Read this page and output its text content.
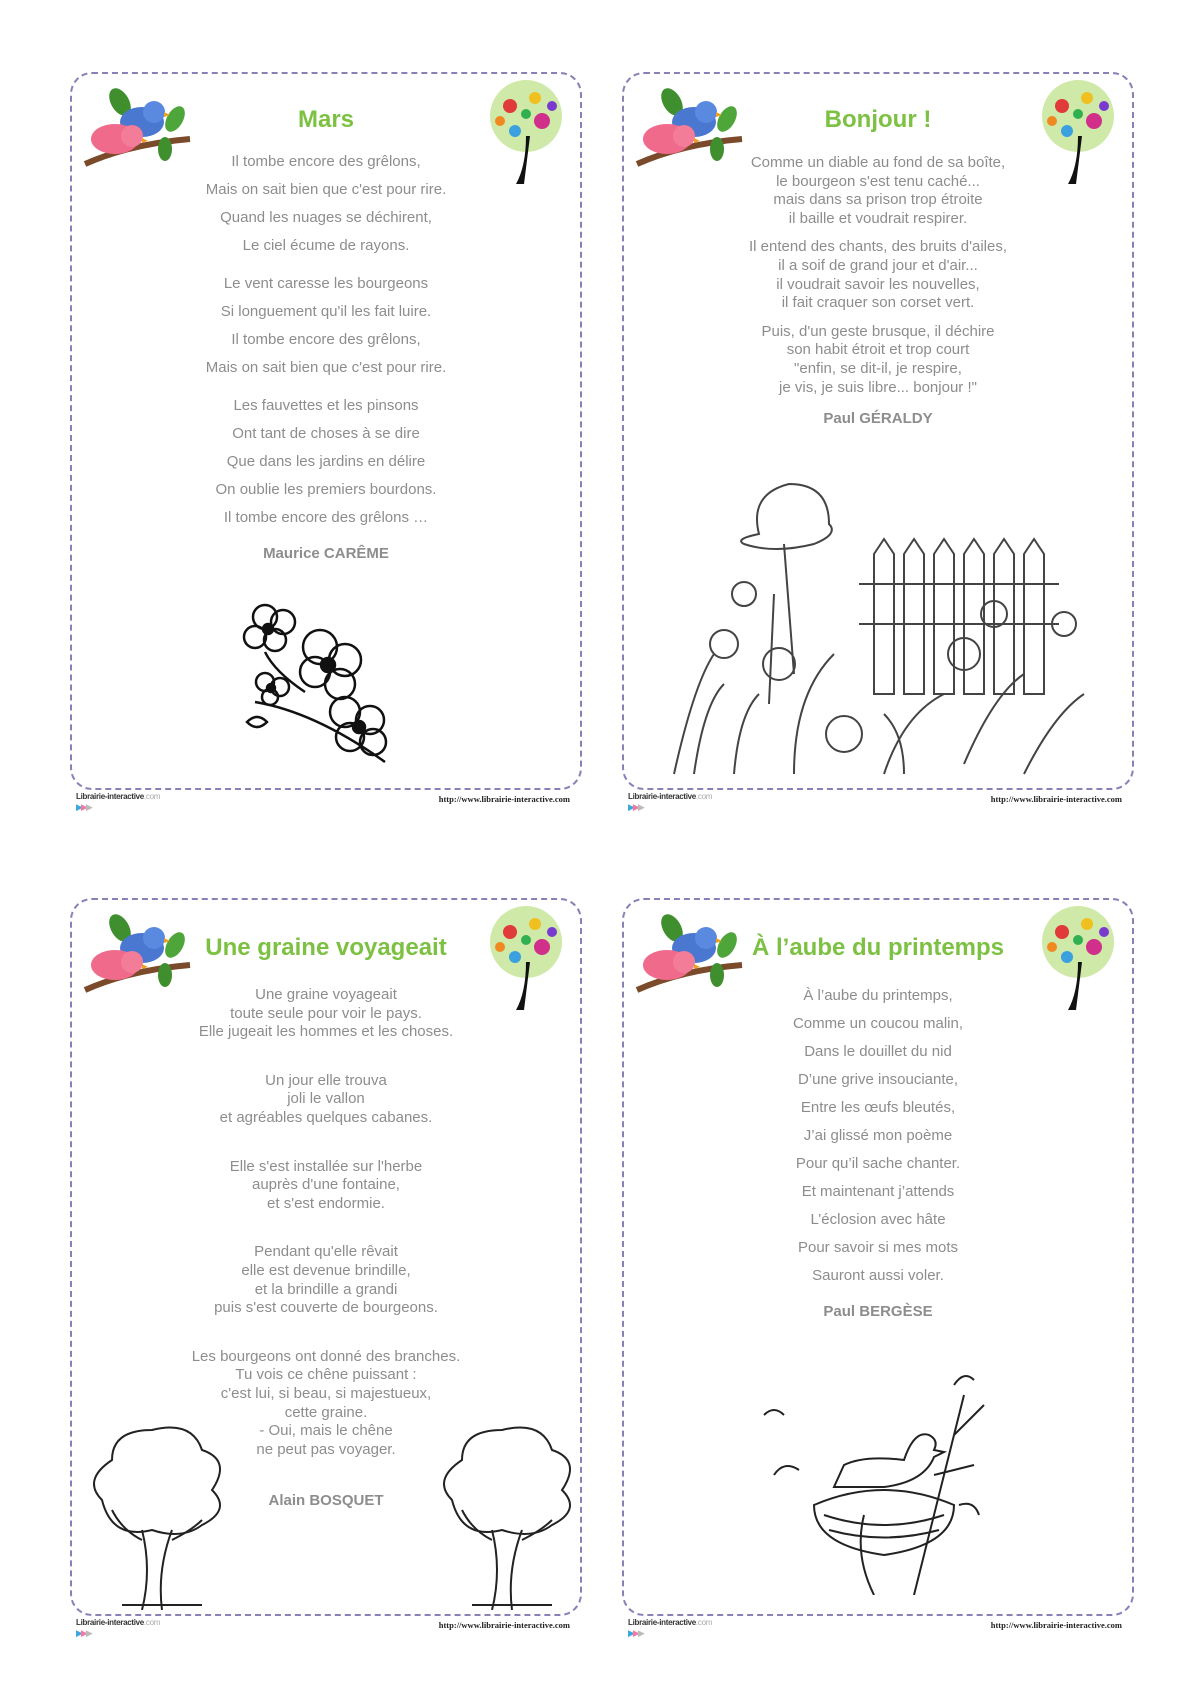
Mars
Il tombe encore des grêlons,
Mais on sait bien que c'est pour rire.
Quand les nuages se déchirent,
Le ciel écume de rayons.
Le vent caresse les bourgeons
Si longuement qu'il les fait luire.
Il tombe encore des grêlons,
Mais on sait bien que c'est pour rire.
Les fauvettes et les pinsons
Ont tant de choses à se dire
Que dans les jardins en délire
On oublie les premiers bourdons.
Il tombe encore des grêlons …
Maurice CARÊME
Bonjour !
Comme un diable au fond de sa boîte,
le bourgeon s'est tenu caché...
mais dans sa prison trop étroite
il baille et voudrait respirer.
Il entend des chants, des bruits d'ailes,
il a soif de grand jour et d'air...
il voudrait savoir les nouvelles,
il fait craquer son corset vert.
Puis, d'un geste brusque, il déchire
son habit étroit et trop court
"enfin, se dit-il, je respire,
je vis, je suis libre... bonjour !"
Paul GÉRALDY
Une graine voyageait
Une graine voyageait
toute seule pour voir le pays.
Elle jugeait les hommes et les choses.
Un jour elle trouva
joli le vallon
et agréables quelques cabanes.
Elle s'est installée sur l'herbe
auprès d'une fontaine,
et s'est endormie.
Pendant qu'elle rêvait
elle est devenue brindille,
et la brindille a grandi
puis s'est couverte de bourgeons.
Les bourgeons ont donné des branches.
Tu vois ce chêne puissant :
c'est lui, si beau, si majestueux,
cette graine.
- Oui, mais le chêne
ne peut pas voyager.
Alain BOSQUET
À l’aube du printemps
À l’aube du printemps,
Comme un coucou malin,
Dans le douillet du nid
D’une grive insouciante,
Entre les œufs bleutés,
J’ai glissé mon poème
Pour qu’il sache chanter.
Et maintenant j’attends
L’éclosion avec hâte
Pour savoir si mes mots
Sauront aussi voler.
Paul BERGÈSE
Librairie-interactive.com
▶▶▶
http://www.librairie-interactive.com	Librairie-interactive.com
▶▶▶
http://www.librairie-interactive.com
Librairie-interactive.com
▶▶▶
http://www.librairie-interactive.com	Librairie-interactive.com
▶▶▶
http://www.librairie-interactive.com
